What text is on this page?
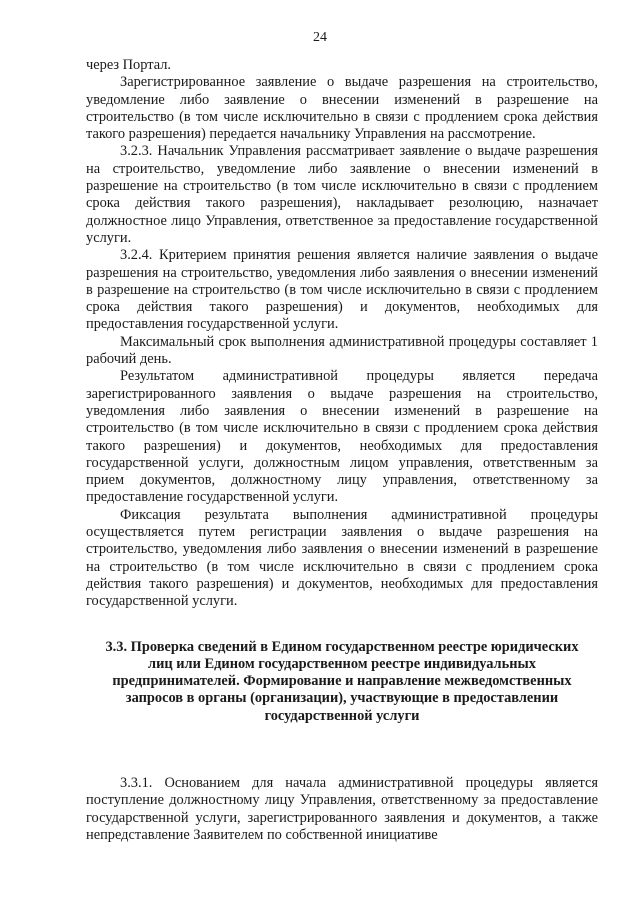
24

через Портал.

Зарегистрированное заявление о выдаче разрешения на строительство, уведомление либо заявление о внесении изменений в разрешение на строительство (в том числе исключительно в связи с продлением срока действия такого разрешения) передается начальнику Управления на рассмотрение.

3.2.3. Начальник Управления рассматривает заявление о выдаче разрешения на строительство, уведомление либо заявление о внесении изменений в разрешение на строительство (в том числе исключительно в связи с продлением срока действия такого разрешения), накладывает резолюцию, назначает должностное лицо Управления, ответственное за предоставление государственной услуги.

3.2.4. Критерием принятия решения является наличие заявления о выдаче разрешения на строительство, уведомления либо заявления о внесении изменений в разрешение на строительство (в том числе исключительно в связи с продлением срока действия такого разрешения) и документов, необходимых для предоставления государственной услуги.

Максимальный срок выполнения административной процедуры составляет 1 рабочий день.

Результатом административной процедуры является передача зарегистрированного заявления о выдаче разрешения на строительство, уведомления либо заявления о внесении изменений в разрешение на строительство (в том числе исключительно в связи с продлением срока действия такого разрешения) и документов, необходимых для предоставления государственной услуги, должностным лицом управления, ответственным за прием документов, должностному лицу управления, ответственному за предоставление государственной услуги.

Фиксация результата выполнения административной процедуры осуществляется путем регистрации заявления о выдаче разрешения на строительство, уведомления либо заявления о внесении изменений в разрешение на строительство (в том числе исключительно в связи с продлением срока действия такого разрешения) и документов, необходимых для предоставления государственной услуги.

3.3. Проверка сведений в Едином государственном реестре юридических лиц или Едином государственном реестре индивидуальных предпринимателей. Формирование и направление межведомственных запросов в органы (организации), участвующие в предоставлении государственной услуги

3.3.1. Основанием для начала административной процедуры является поступление должностному лицу Управления, ответственному за предоставление государственной услуги, зарегистрированного заявления и документов, а также непредставление Заявителем по собственной инициативе
